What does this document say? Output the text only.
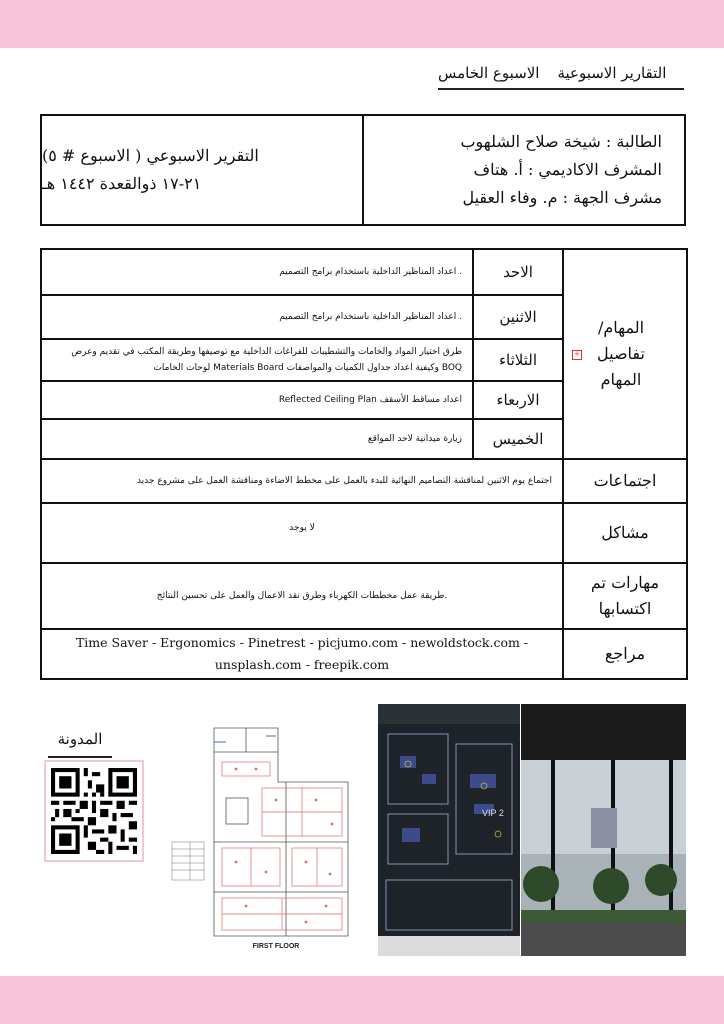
التقارير الاسبوعية
الاسبوع الخامس
التقرير الاسبوعي ( الاسبوع # ٥)
٢١-١٧ ذوالقعدة ١٤٤٢ هـ
الطالبة : شيخة صلاح الشلهوب
المشرف الاكاديمي : أ. هتاف
مشرف الجهة : م. وفاء العقيل
. اعداد المناظير الداخلية باستخدام برامج التصميم	الاحد	+
المهام/ تفاصيل المهام

. اعداد المناظير الداخلية باستخدام برامج التصميم	الاثنين	
طرق اختيار المواد والخامات والتشطيبات للفراغات الداخلية مع توصيفها وطريقة المكتب في تقديم وعرض BOQ وكيفية اعداد جداول الكميات والمواصفات Materials Board لوحات الخامات	الثلاثاء	
اعداد مساقط الأسقف Reflected Ceiling Plan	الاربعاء	
زيارة ميدانية لاحد المواقع	الخميس	
اجتماع يوم الاثنين لمناقشة التصاميم النهائية للبدء بالعمل على مخطط الاضاءة ومناقشة العمل على مشروع جديد		اجتماعات
لا يوجد		مشاكل
.طريقة عمل مخططات الكهرباء وطرق نقد الاعمال والعمل على تحسين النتائج		مهارات تم اكتسابها

Time Saver - Ergonomics - Pinetrest - picjumo.com - newoldstock.com -
unsplash.com - freepik.com		مراجع
المدونة
FIRST FLOOR
VIP 2
